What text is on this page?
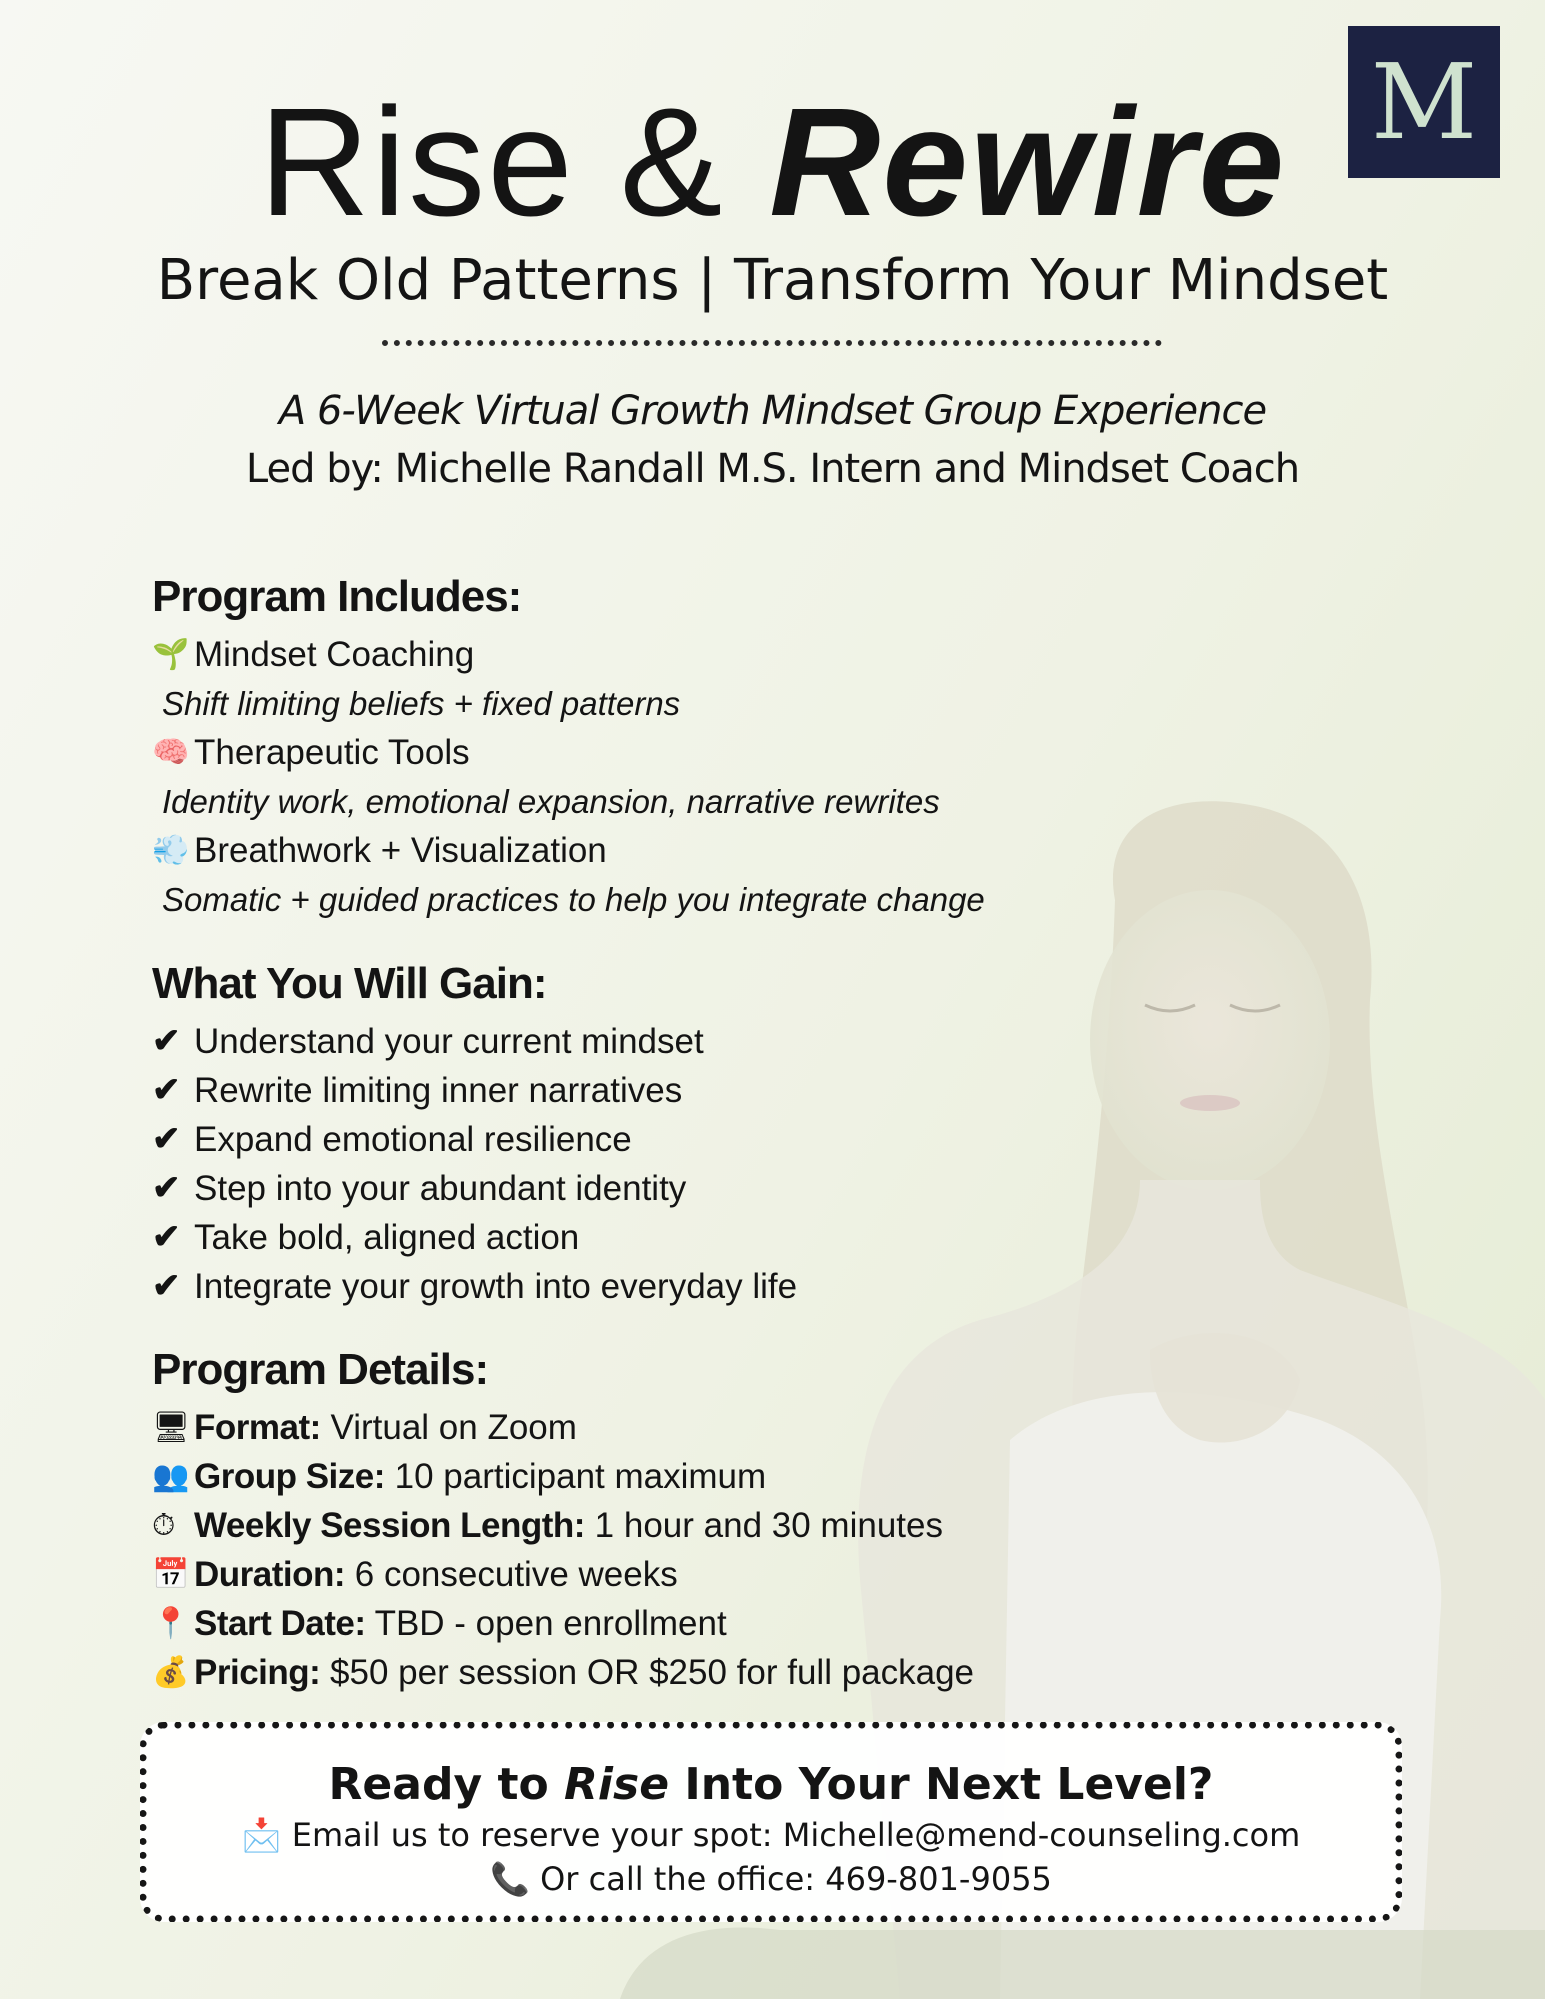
M
Rise & Rewire
Break Old Patterns | Transform Your Mindset
A 6-Week Virtual Growth Mindset Group Experience
Led by: Michelle Randall M.S. Intern and Mindset Coach
Program Includes:
🌱 Mindset Coaching
Shift limiting beliefs + fixed patterns
🧠 Therapeutic Tools
Identity work, emotional expansion, narrative rewrites
💨 Breathwork + Visualization
Somatic + guided practices to help you integrate change
What You Will Gain:
✔ Understand your current mindset
✔ Rewrite limiting inner narratives
✔ Expand emotional resilience
✔ Step into your abundant identity
✔ Take bold, aligned action
✔ Integrate your growth into everyday life
Program Details:
🖥 Format: Virtual on Zoom
👥 Group Size: 10 participant maximum
⏱ Weekly Session Length: 1 hour and 30 minutes
📅 Duration: 6 consecutive weeks
📍 Start Date: TBD - open enrollment
💰 Pricing: $50 per session OR $250 for full package
Ready to Rise Into Your Next Level?
📩 Email us to reserve your spot: Michelle@mend-counseling.com
📞 Or call the office: 469-801-9055
